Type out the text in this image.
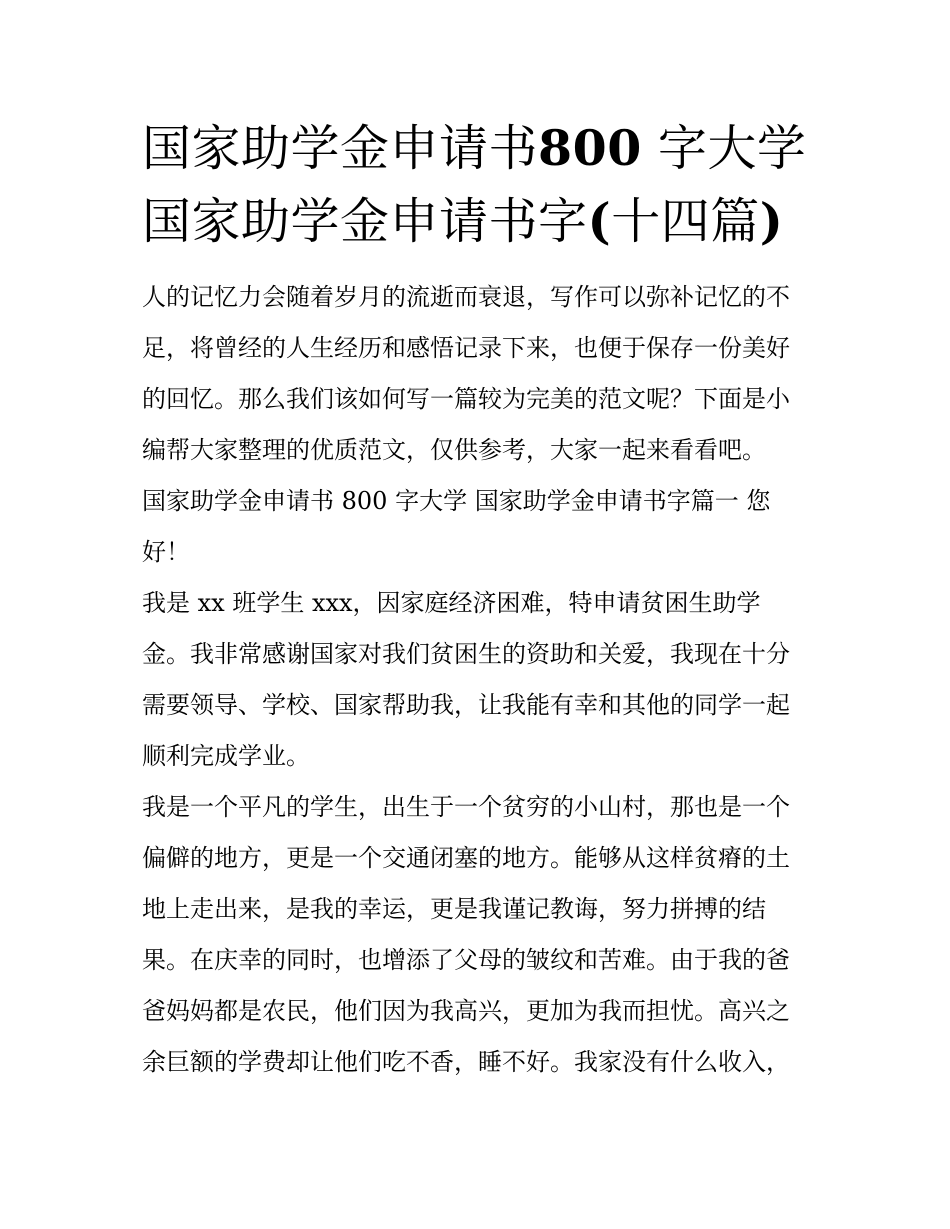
国家助学金申请书800 字大学
国家助学金申请书字(十四篇)

人的记忆力会随着岁月的流逝而衰退，写作可以弥补记忆的不

足，将曾经的人生经历和感悟记录下来，也便于保存一份美好

的回忆。那么我们该如何写一篇较为完美的范文呢？下面是小

编帮大家整理的优质范文，仅供参考，大家一起来看看吧。

国家助学金申请书 800 字大学 国家助学金申请书字篇一 您

好！

我是 xx 班学生 xxx，因家庭经济困难，特申请贫困生助学

金。我非常感谢国家对我们贫困生的资助和关爱，我现在十分

需要领导、学校、国家帮助我，让我能有幸和其他的同学一起

顺利完成学业。

我是一个平凡的学生，出生于一个贫穷的小山村，那也是一个

偏僻的地方，更是一个交通闭塞的地方。能够从这样贫瘠的土

地上走出来，是我的幸运，更是我谨记教诲，努力拼搏的结

果。在庆幸的同时，也增添了父母的皱纹和苦难。由于我的爸

爸妈妈都是农民，他们因为我高兴，更加为我而担忧。高兴之

余巨额的学费却让他们吃不香，睡不好。我家没有什么收入，
